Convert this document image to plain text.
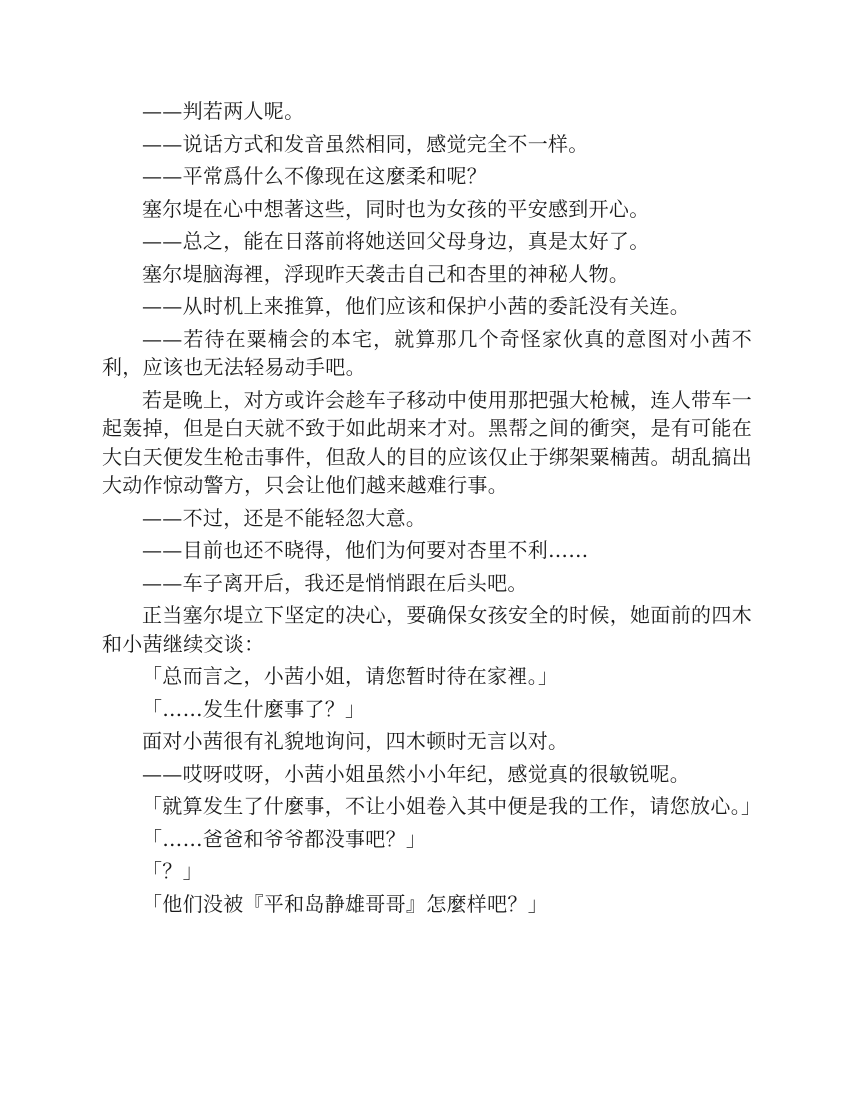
——判若两人呢。

——说话方式和发音虽然相同，感觉完全不一样。

——平常爲什么不像现在这麼柔和呢？

塞尔堤在心中想著这些，同时也为女孩的平安感到开心。

——总之，能在日落前将她送回父母身边，真是太好了。

塞尔堤脑海裡，浮现昨天袭击自己和杏里的神秘人物。

——从时机上来推算，他们应该和保护小茜的委託没有关连。

——若待在粟楠会的本宅，就算那几个奇怪家伙真的意图对小茜不利，应该也无法轻易动手吧。

若是晚上，对方或许会趁车子移动中使用那把强大枪械，连人带车一起轰掉，但是白天就不致于如此胡来才对。黑帮之间的衝突，是有可能在大白天便发生枪击事件，但敌人的目的应该仅止于绑架粟楠茜。胡乱搞出大动作惊动警方，只会让他们越来越难行事。

——不过，还是不能轻忽大意。

——目前也还不晓得，他们为何要对杏里不利……

——车子离开后，我还是悄悄跟在后头吧。

正当塞尔堤立下坚定的决心，要确保女孩安全的时候，她面前的四木和小茜继续交谈：

「总而言之，小茜小姐，请您暂时待在家裡。」

「……发生什麼事了？」

面对小茜很有礼貌地询问，四木顿时无言以对。

——哎呀哎呀，小茜小姐虽然小小年纪，感觉真的很敏锐呢。

「就算发生了什麼事，不让小姐卷入其中便是我的工作，请您放心。」

「……爸爸和爷爷都没事吧？」

「？」

「他们没被『平和岛静雄哥哥』怎麼样吧？」
